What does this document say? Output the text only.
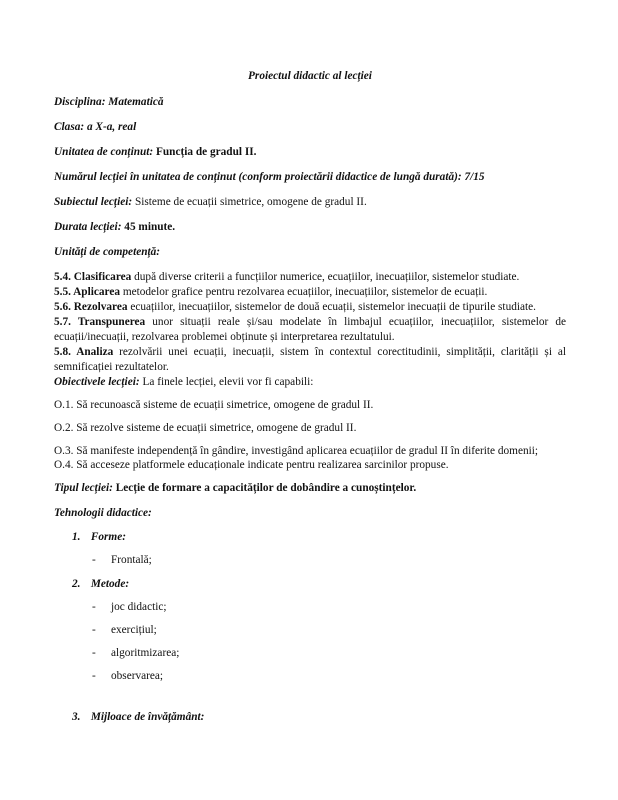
Proiectul didactic al lecției

Disciplina: Matematică

Clasa: a X-a, real

Unitatea de conținut: Funcția de gradul II.

Numărul lecției în unitatea de conținut (conform proiectării didactice de lungă durată): 7/15

Subiectul lecției: Sisteme de ecuații simetrice, omogene de gradul II.

Durata lecției: 45 minute.

Unități de competență:

5.4. Clasificarea după diverse criterii a funcțiilor numerice, ecuațiilor, inecuațiilor, sistemelor studiate.

5.5. Aplicarea metodelor grafice pentru rezolvarea ecuațiilor, inecuațiilor, sistemelor de ecuații.

5.6. Rezolvarea ecuațiilor, inecuațiilor, sistemelor de două ecuații, sistemelor inecuații de tipurile studiate.

5.7. Transpunerea unor situații reale și/sau modelate în limbajul ecuațiilor, inecuațiilor, sistemelor de ecuații/inecuații, rezolvarea problemei obținute și interpretarea rezultatului.

5.8. Analiza rezolvării unei ecuații, inecuații, sistem în contextul corectitudinii, simplității, clarității și al semnificației rezultatelor.

Obiectivele lecției: La finele lecției, elevii vor fi capabili:

O.1. Să recunoască sisteme de ecuații simetrice, omogene de gradul II.

O.2. Să rezolve sisteme de ecuații simetrice, omogene de gradul II.

O.3. Să manifeste independență în gândire, investigând aplicarea ecuațiilor de gradul II în diferite domenii;

O.4. Să acceseze platformele educaționale indicate pentru realizarea sarcinilor propuse.

Tipul lecției: Lecție de formare a capacităților de dobândire a cunoștințelor.

Tehnologii didactice:

1. Forme:
- Frontală;
2. Metode:
- joc didactic;
- exercițiul;
- algoritmizarea;
- observarea;
3. Mijloace de învățământ:
